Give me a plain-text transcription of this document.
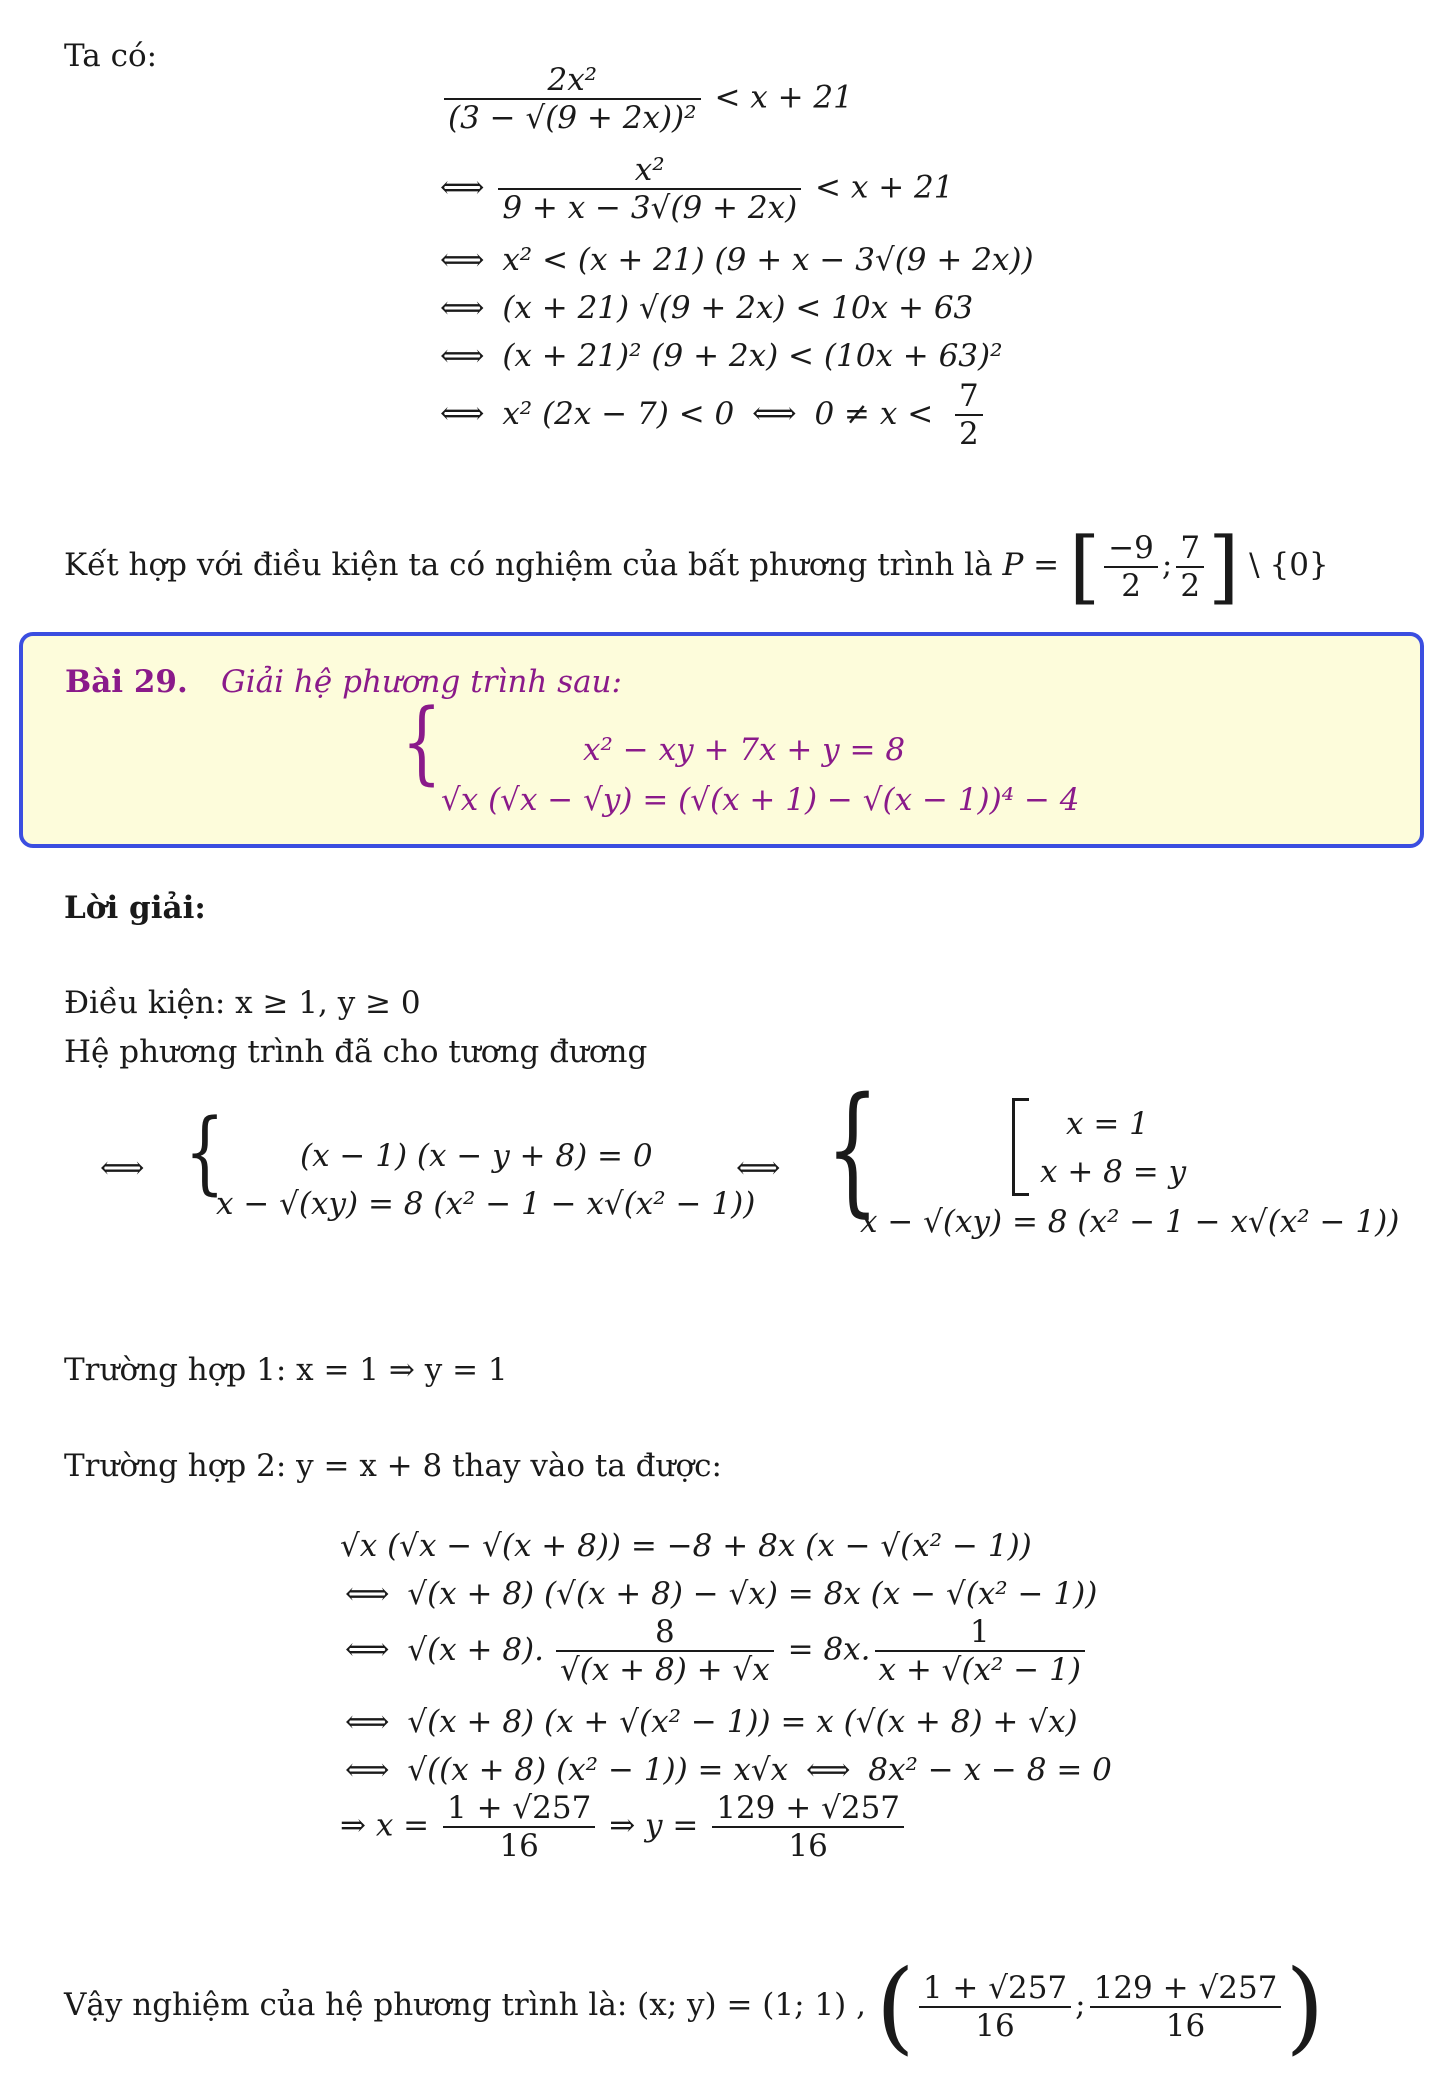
Ta có:
$\frac{\text{2x²}}{\text{(3 − √(9 + 2x))²}} < x + 21$
⟺ $\frac{\text{x²}}{9 + x - 3√(9 + 2x)} < x + 21$
⟺ x² < (x + 21) (9 + x − 3√(9 + 2x))
⟺ (x + 21) √(9 + 2x) < 10x + 63
⟺ (x + 21)² (9 + 2x) < (10x + 63)²
⟺ x² (2x − 7) < 0 ⟺ $0 \ne x < \frac{7}{2}$
Kết hợp với điều kiện ta có nghiệm của bất phương trình là P = [ $\frac{-9}{2}$ ; $\frac{7}{2}$ ] \ {0}
Bài 29. Giải hệ phương trình sau:
{	x² − xy + 7x + y = 8
√x (√x − √y) = (√(x + 1) − √(x − 1))⁴ − 4
Lời giải:
Điều kiện: x ≥ 1, y ≥ 0
Hệ phương trình đã cho tương đương
⟺ { (x − 1) (x − y + 8) = 0
x − √(xy) = 8 (x² − 1 − x√(x² − 1))
⟺ {	x = 1
x + 8 = y
x − √(xy) = 8 (x² − 1 − x√(x² − 1))
Trường hợp 1: x = 1 ⇒ y = 1
Trường hợp 2: y = x + 8 thay vào ta được:
√x (√x − √(x + 8)) = −8 + 8x (x − √(x² − 1))
⟺ √(x + 8) (√(x + 8) − √x) = 8x (x − √(x² − 1))
⟺ √(x + 8). $\frac{8}{√(x + 8) + √x} = 8x$. $\frac{1}{\text{x + √(x² − 1)}}$
⟺ √(x + 8) (x + √(x² − 1)) = x (√(x + 8) + √x)
⟺ √((x + 8) (x² − 1)) = x√x ⟺ 8x² − x − 8 = 0
⇒ $x = \frac{1 + √257}{16}$ ⇒ $y = \frac{129 + √257}{16}$
Vậy nghiệm của hệ phương trình là: (x; y) = (1; 1) , ( $\frac{1 + √257}{16}$ ; $\frac{129 + √257}{16}$ )
